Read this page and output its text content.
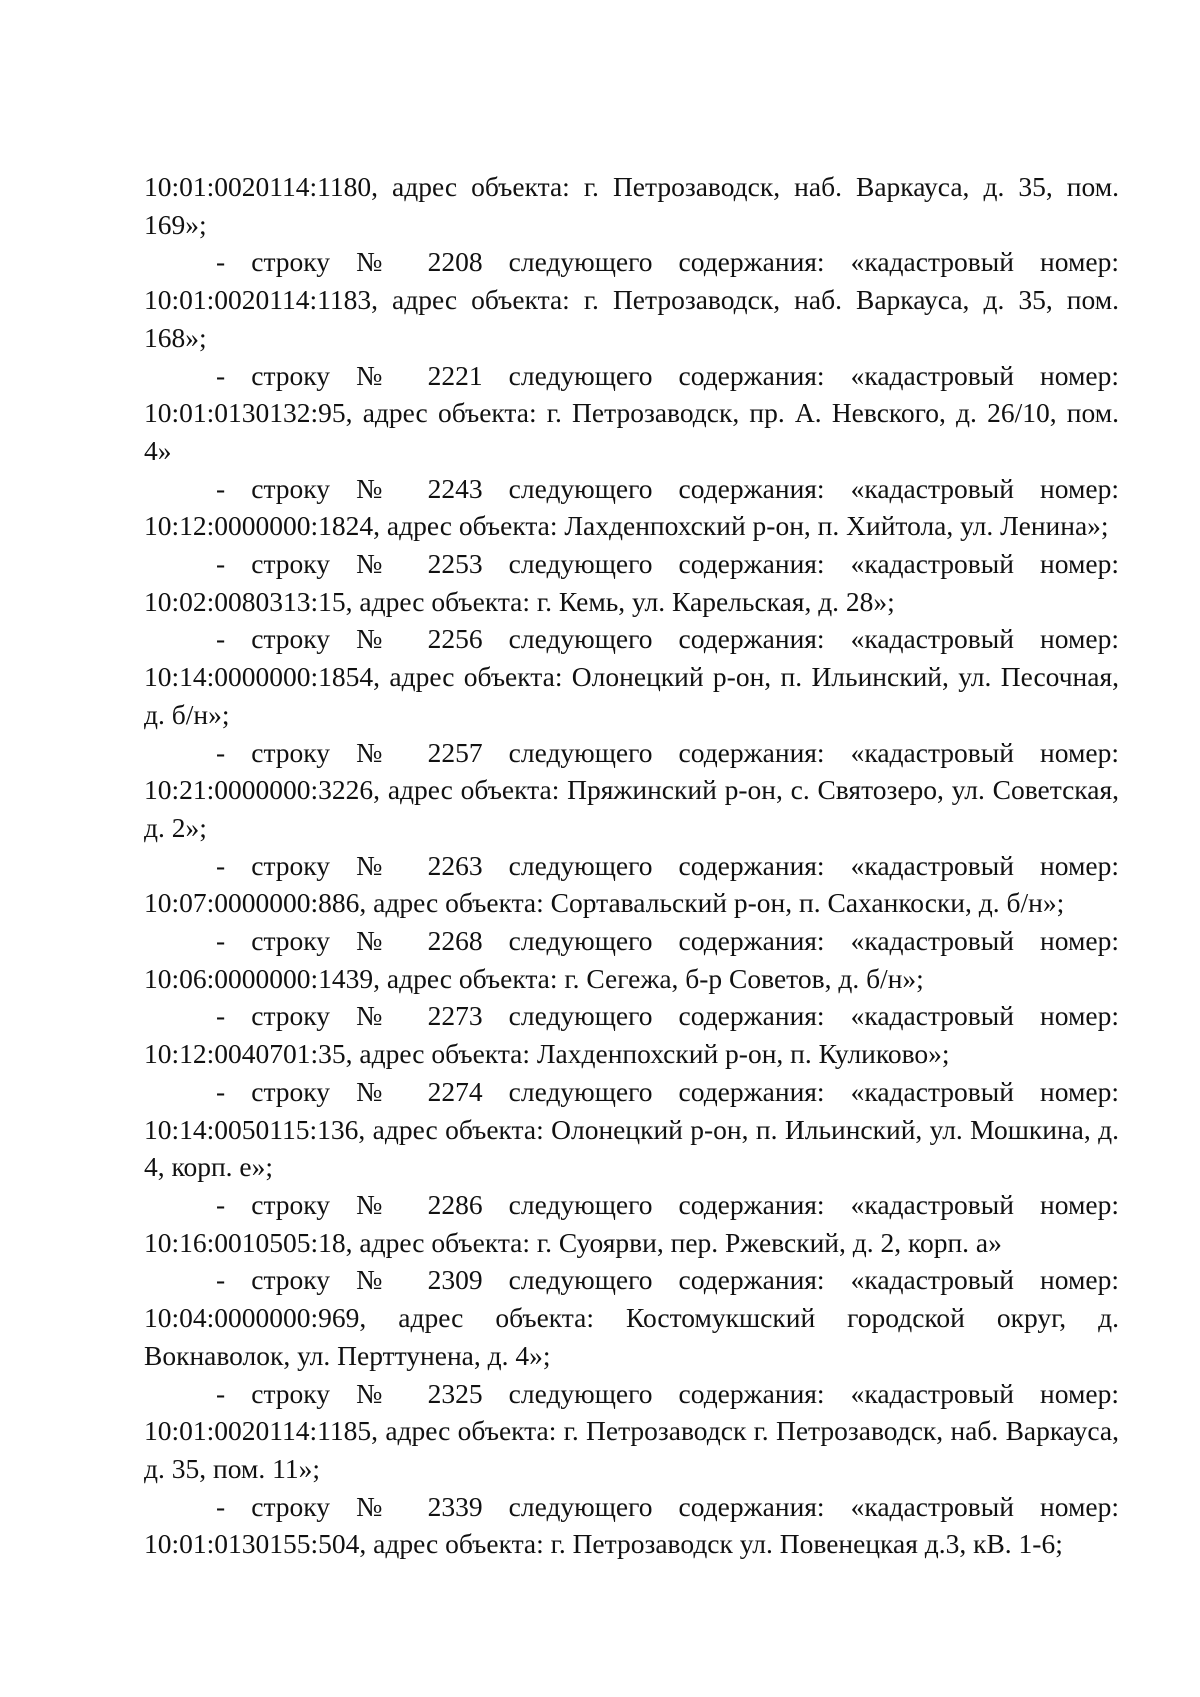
10:01:0020114:1180, адрес объекта: г. Петрозаводск, наб. Варкауса, д. 35, пом. 169»;

- строку № 2208 следующего содержания: «кадастровый номер: 10:01:0020114:1183, адрес объекта: г. Петрозаводск, наб. Варкауса, д. 35, пом. 168»;

- строку № 2221 следующего содержания: «кадастровый номер: 10:01:0130132:95, адрес объекта: г. Петрозаводск, пр. А. Невского, д. 26/10, пом. 4»

- строку № 2243 следующего содержания: «кадастровый номер: 10:12:0000000:1824, адрес объекта: Лахденпохский р-он, п. Хийтола, ул. Ленина»;

- строку № 2253 следующего содержания: «кадастровый номер: 10:02:0080313:15, адрес объекта: г. Кемь, ул. Карельская, д. 28»;

- строку № 2256 следующего содержания: «кадастровый номер: 10:14:0000000:1854, адрес объекта: Олонецкий р-он, п. Ильинский, ул. Песочная, д. б/н»;

- строку № 2257 следующего содержания: «кадастровый номер: 10:21:0000000:3226, адрес объекта: Пряжинский р-он, с. Святозеро, ул. Советская, д. 2»;

- строку № 2263 следующего содержания: «кадастровый номер: 10:07:0000000:886, адрес объекта: Сортавальский р-он, п. Саханкоски, д. б/н»;

- строку № 2268 следующего содержания: «кадастровый номер: 10:06:0000000:1439, адрес объекта: г. Сегежа, б-р Советов, д. б/н»;

- строку № 2273 следующего содержания: «кадастровый номер: 10:12:0040701:35, адрес объекта: Лахденпохский р-он, п. Куликово»;

- строку № 2274 следующего содержания: «кадастровый номер: 10:14:0050115:136, адрес объекта: Олонецкий р-он, п. Ильинский, ул. Мошкина, д. 4, корп. е»;

- строку № 2286 следующего содержания: «кадастровый номер: 10:16:0010505:18, адрес объекта: г. Суоярви, пер. Ржевский, д. 2, корп. а»

- строку № 2309 следующего содержания: «кадастровый номер: 10:04:0000000:969, адрес объекта: Костомукшский городской округ, д. Вокнаволок, ул. Перттунена, д. 4»;

- строку № 2325 следующего содержания: «кадастровый номер: 10:01:0020114:1185, адрес объекта: г. Петрозаводск г. Петрозаводск, наб. Варкауса, д. 35, пом. 11»;

- строку № 2339 следующего содержания: «кадастровый номер: 10:01:0130155:504, адрес объекта: г. Петрозаводск ул. Повенецкая д.3, кВ. 1-6;
